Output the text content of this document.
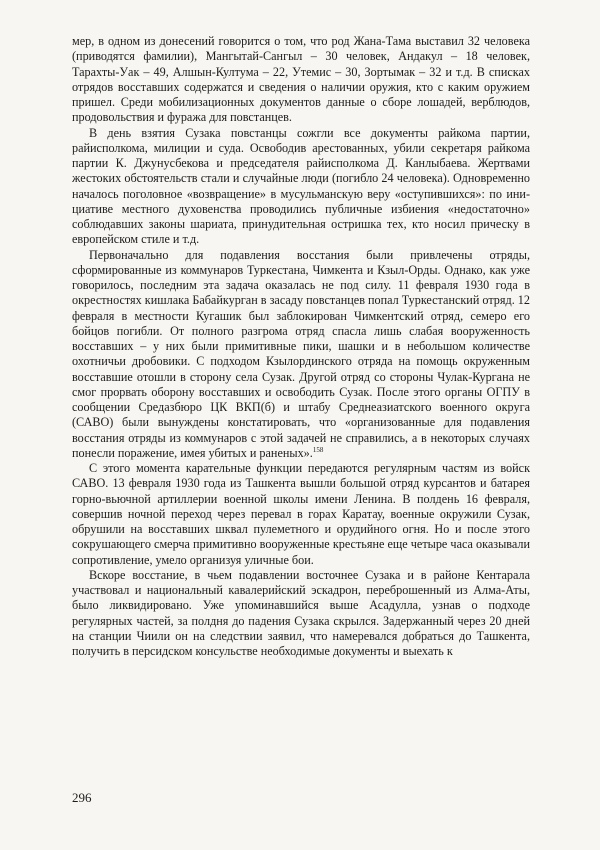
мер, в одном из донесений говорится о том, что род Жана-Тама выставил 32 человека (приводятся фамилии), Мангытай-Сангыл – 30 человек, Андакул – 18 человек, Тарахты-Уак – 49, Алшын-Култума – 22, Утемис – 30, Зортымак – 32 и т.д. В списках отрядов восставших содержатся и сведения о наличии оружия, кто с каким оружием пришел. Среди мобилизационных документов данные о сборе лошадей, верблюдов, продовольствия и фуража для повстанцев.

В день взятия Сузака повстанцы сожгли все документы райкома партии, райисполкома, милиции и суда. Освободив арестованных, убили секретаря райкома партии К. Джунусбекова и председателя райисполкома Д. Канлыбаева. Жертвами жестоких обстоятельств стали и случайные люди (погибло 24 человека). Одновременно началось поголовное «возвращение» в мусульманскую веру «оступившихся»: по инициативе местного духовенства проводились публичные избиения «недостаточно» соблюдавших законы шариата, принудительная остришка тех, кто носил прическу в европейском стиле и т.д.

Первоначально для подавления восстания были привлечены отряды, сформированные из коммунаров Туркестана, Чимкента и Кзыл-Орды. Однако, как уже говорилось, последним эта задача оказалась не под силу. 11 февраля 1930 года в окрестностях кишлака Бабайкурган в засаду повстанцев попал Туркестанский отряд. 12 февраля в местности Кугашик был заблокирован Чимкентский отряд, семеро его бойцов погибли. От полного разгрома отряд спасла лишь слабая вооруженность восставших – у них были примитивные пики, шашки и в небольшом количестве охотничьи дробовики. С подходом Кзылординского отряда на помощь окруженным восставшие отошли в сторону села Сузак. Другой отряд со стороны Чулак-Кургана не смог прорвать оборону восставших и освободить Сузак. После этого органы ОГПУ в сообщении Средазбюро ЦК ВКП(б) и штабу Среднеазиатского военного округа (САВО) были вынуждены констатировать, что «организованные для подавления восстания отряды из коммунаров с этой задачей не справились, а в некоторых случаях понесли поражение, имея убитых и раненых».$^{158}$

С этого момента карательные функции передаются регулярным частям из войск САВО. 13 февраля 1930 года из Ташкента вышли большой отряд курсантов и батарея горно-вьючной артиллерии военной школы имени Ленина. В полдень 16 февраля, совершив ночной переход через перевал в горах Каратау, военные окружили Сузак, обрушили на восставших шквал пулеметного и орудийного огня. Но и после этого сокрушающего смерча примитивно вооруженные крестьяне еще четыре часа оказывали сопротивление, умело организуя уличные бои.

Вскоре восстание, в чьем подавлении восточнее Сузака и в районе Кентарала участвовал и национальный кавалерийский эскадрон, переброшенный из Алма-Аты, было ликвидировано. Уже упоминавшийся выше Асадулла, узнав о подходе регулярных частей, за полдня до падения Сузака скрылся. Задержанный через 20 дней на станции Чиили он на следствии заявил, что намеревался добраться до Ташкента, получить в персидском консульстве необходимые документы и выехать к

296
